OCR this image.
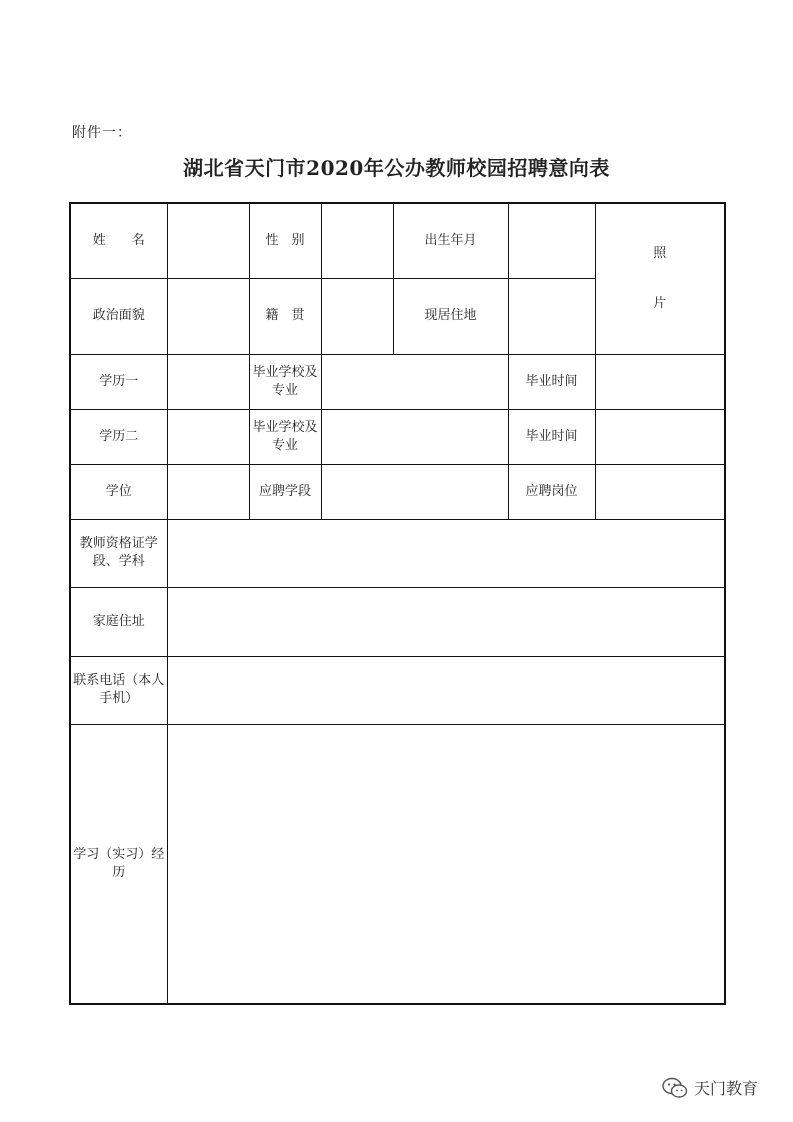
附件一：
湖北省天门市2020年公办教师校园招聘意向表
姓　　名		性　别		出生年月		照
片

政治面貌		籍　贯		现居住地		
学历一		毕业学校及专业			毕业时间	
学历二		毕业学校及专业			毕业时间	
学位		应聘学段			应聘岗位	
教师资格证学段、学科						
家庭住址						
联系电话（本人手机）						
学习（实习）经历						
天门教育
